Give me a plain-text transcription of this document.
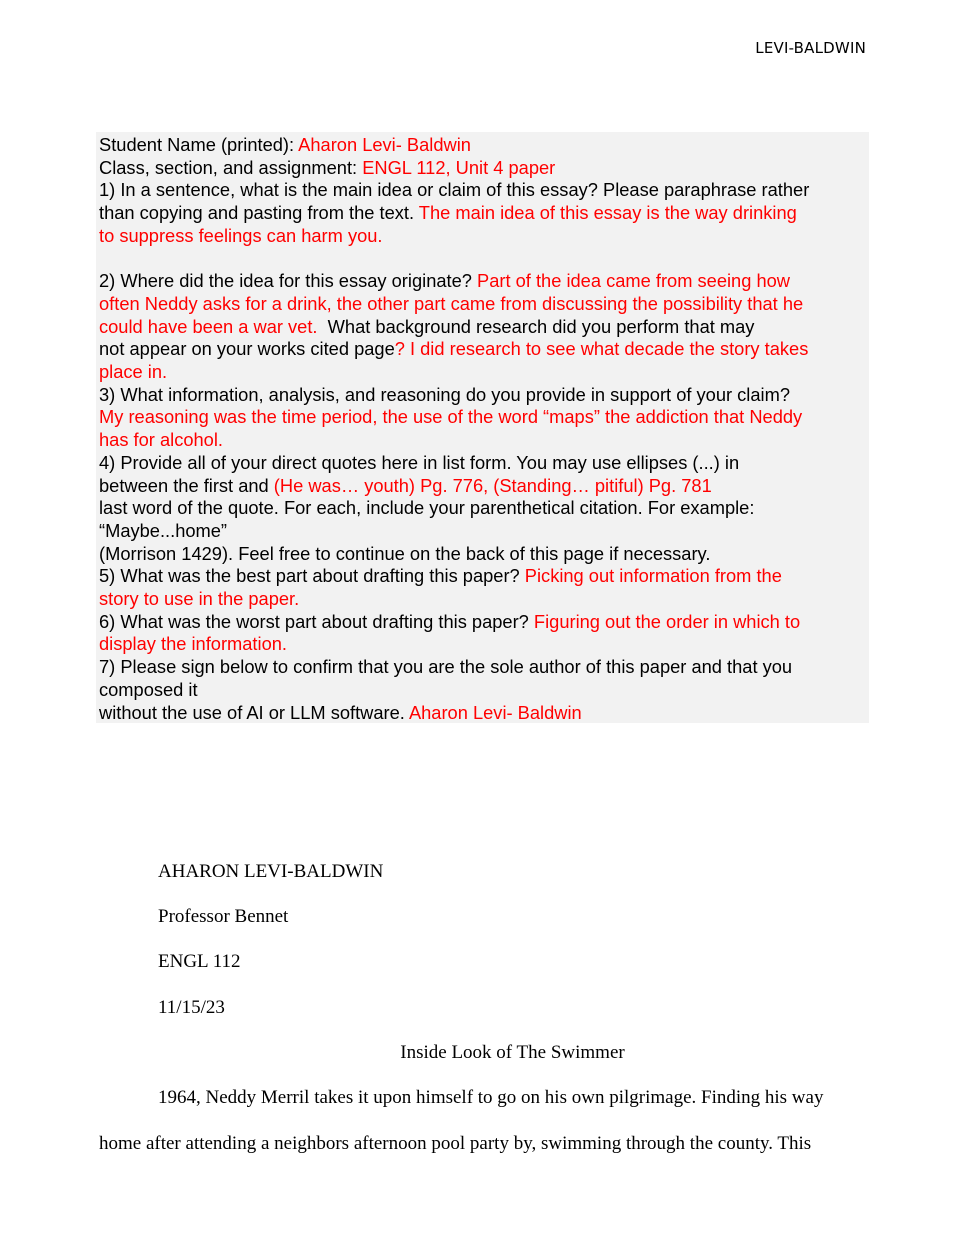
LEVI-BALDWIN

Student Name (printed): Aharon Levi- Baldwin

Class, section, and assignment: ENGL 112, Unit 4 paper

1) In a sentence, what is the main idea or claim of this essay? Please paraphrase rather

than copying and pasting from the text. The main idea of this essay is the way drinking

to suppress feelings can harm you.

2) Where did the idea for this essay originate? Part of the idea came from seeing how

often Neddy asks for a drink, the other part came from discussing the possibility that he

could have been a war vet.  What background research did you perform that may

not appear on your works cited page? I did research to see what decade the story takes

place in.

3) What information, analysis, and reasoning do you provide in support of your claim?

My reasoning was the time period, the use of the word “maps” the addiction that Neddy

has for alcohol.

4) Provide all of your direct quotes here in list form. You may use ellipses (...) in

between the first and (He was… youth) Pg. 776, (Standing… pitiful) Pg. 781

last word of the quote. For each, include your parenthetical citation. For example:

“Maybe...home”

(Morrison 1429). Feel free to continue on the back of this page if necessary.

5) What was the best part about drafting this paper? Picking out information from the

story to use in the paper.

6) What was the worst part about drafting this paper? Figuring out the order in which to

display the information.

7) Please sign below to confirm that you are the sole author of this paper and that you

composed it

without the use of AI or LLM software. Aharon Levi- Baldwin

AHARON LEVI-BALDWIN
Professor Bennet
ENGL 112
11/15/23
Inside Look of The Swimmer
1964, Neddy Merril takes it upon himself to go on his own pilgrimage. Finding his way
home after attending a neighbors afternoon pool party by, swimming through the county. This
